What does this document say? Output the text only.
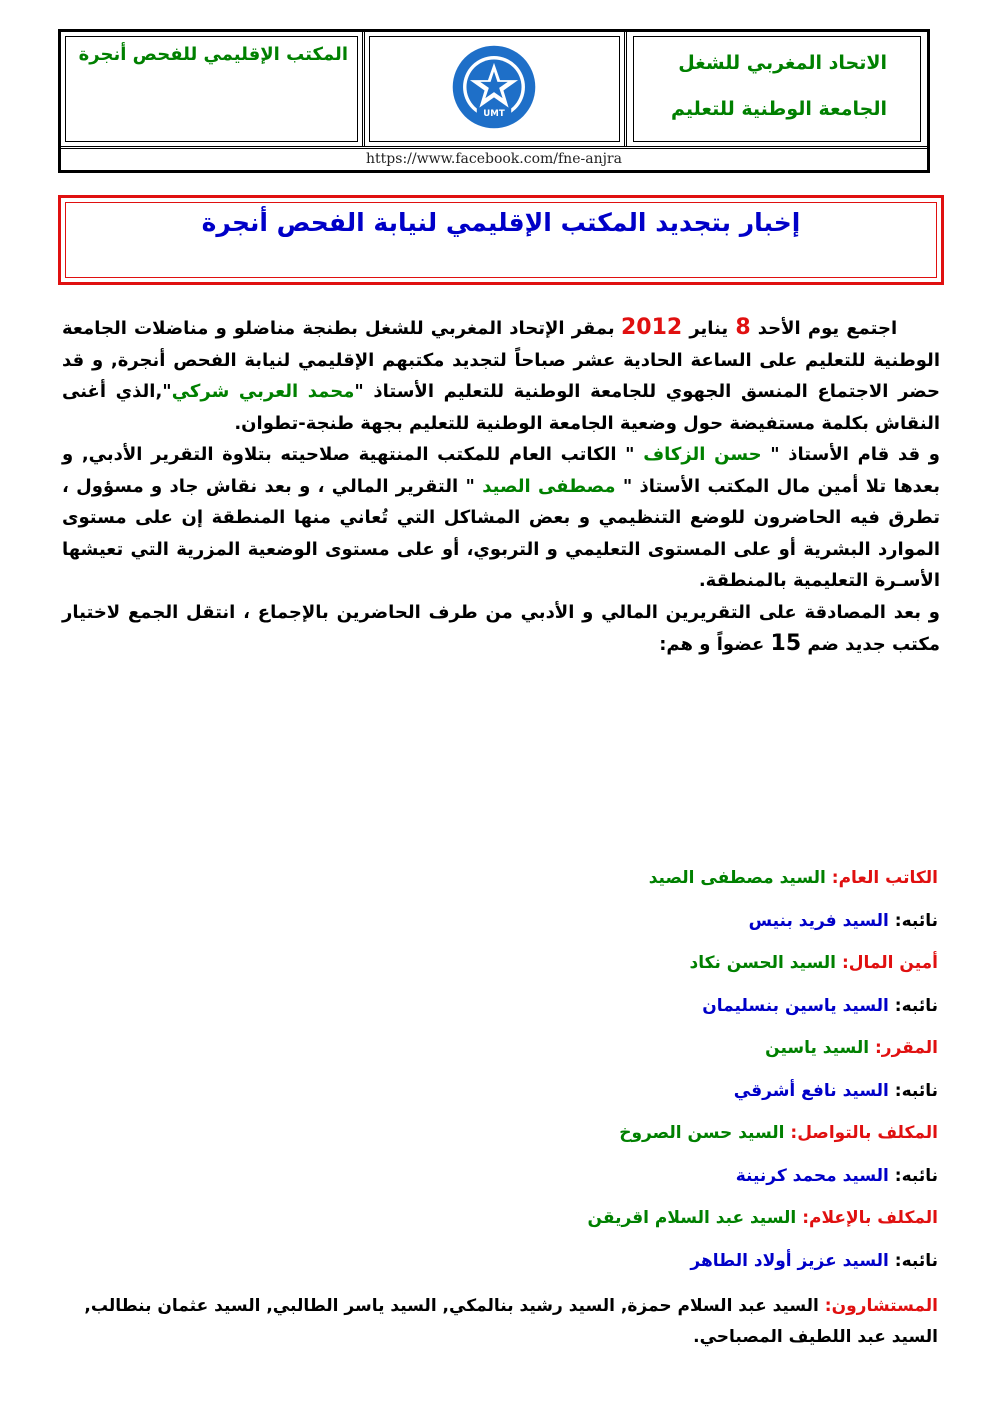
الاتحاد المغربي للشغل
الجامعة الوطنية للتعليم
UMT
المكتب الإقليمي للفحص أنجرة
https://www.facebook.com/fne-anjra
إخبار بتجديد المكتب الإقليمي لنيابة الفحص أنجرة

اجتمع يوم الأحد 8 يناير 2012 بمقر الإتحاد المغربي للشغل بطنجة مناضلو و مناضلات الجامعة الوطنية للتعليم على الساعة الحادية عشر صباحاً لتجديد مكتبهم الإقليمي لنيابة الفحص أنجرة, و قد حضر الاجتماع المنسق الجهوي للجامعة الوطنية للتعليم الأستاذ "محمد العربي شركي",الذي أغنى النقاش بكلمة مستفيضة حول وضعية الجامعة الوطنية للتعليم بجهة طنجة-تطوان.

و قد قام الأستاذ " حسن الزكاف " الكاتب العام للمكتب المنتهية صلاحيته بتلاوة التقرير الأدبي, و بعدها تلا أمين مال المكتب الأستاذ " مصطفى الصيد " التقرير المالي ، و بعد نقاش جاد و مسؤول ، تطرق فيه الحاضرون للوضع التنظيمي و بعض المشاكل التي تُعاني منها المنطقة إن على مستوى الموارد البشرية أو على المستوى التعليمي و التربوي، أو على مستوى الوضعية المزرية التي تعيشها الأسـرة التعليمية بالمنطقة.

و بعد المصادقة على التقريرين المالي و الأدبي من طرف الحاضرين بالإجماع ، انتقل الجمع لاختيار مكتب جديد ضم 15 عضواً و هم:

الكاتب العام: السيد مصطفى الصيد
نائبه: السيد فريد بنيس
أمين المال: السيد الحسن نكاد
نائبه: السيد ياسين بنسليمان
المقرر: السيد ياسين
نائبه: السيد نافع أشرقي
المكلف بالتواصل: السيد حسن الصروخ
نائبه: السيد محمد كرنينة
المكلف بالإعلام: السيد عبد السلام اقريقن
نائبه: السيد عزيز أولاد الطاهر
المستشارون: السيد عبد السلام حمزة, السيد رشيد بنالمكي, السيد ياسر الطالبي, السيد عثمان بنطالب, السيد عبد اللطيف المصباحي.
